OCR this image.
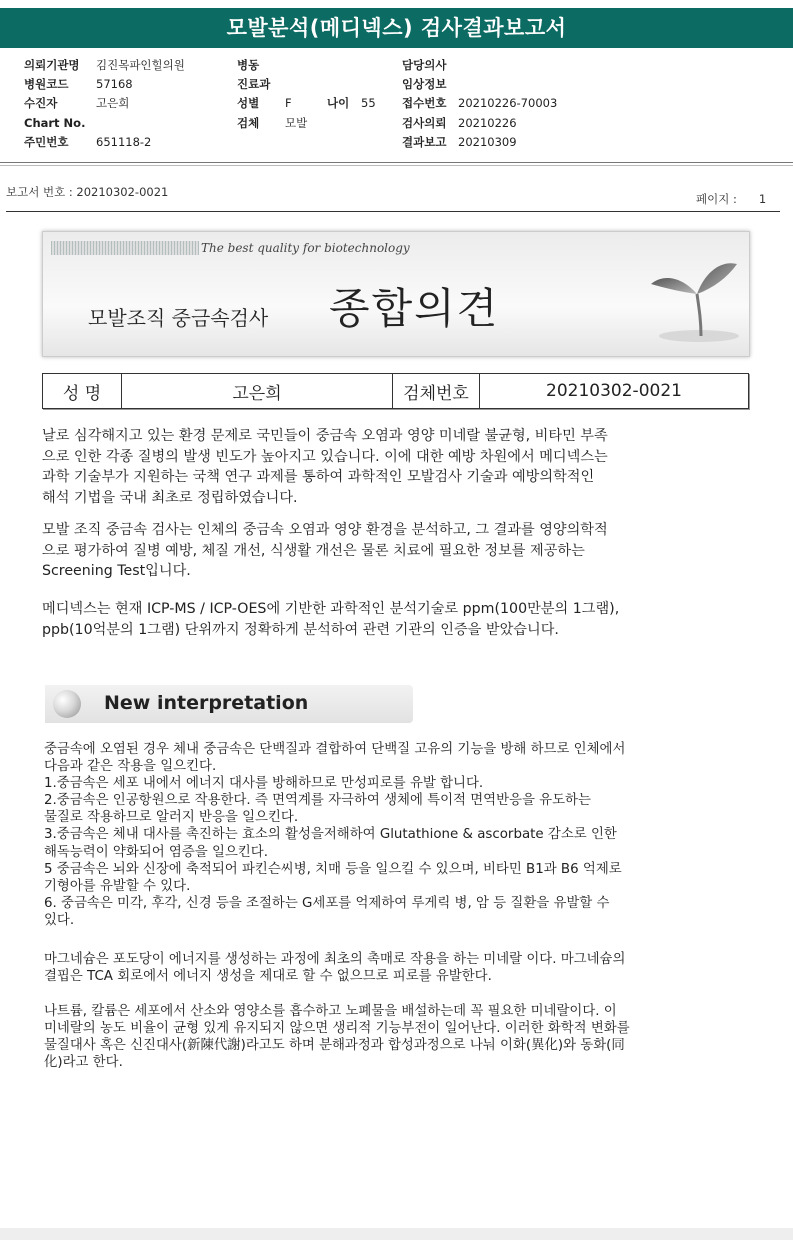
모발분석(메디넥스) 검사결과보고서
의뢰기관명 김진목파인힐의원
병원코드 57168
수진자	고은희
Chart No.
주민번호 651118-2
병동
진료과
성별 F	나이 55
검체 모발
담당의사
임상정보
접수번호 20210226-70003
검사의뢰 20210226
결과보고 20210309
보고서 번호 : 20210302-0021	페이지 : 1
The best quality for biotechnology
모발조직 중금속검사 종합의견
성 명	고은희	검체번호	20210302-0021

날로 심각해지고 있는 환경 문제로 국민들이 중금속 오염과 영양 미네랄 불균형, 비타민 부족

으로 인한 각종 질병의 발생 빈도가 높아지고 있습니다. 이에 대한 예방 차원에서 메디넥스는

과학 기술부가 지원하는 국책 연구 과제를 통하여 과학적인 모발검사 기술과 예방의학적인

해석 기법을 국내 최초로 정립하였습니다.

모발 조직 중금속 검사는 인체의 중금속 오염과 영양 환경을 분석하고, 그 결과를 영양의학적

으로 평가하여 질병 예방, 체질 개선, 식생활 개선은 물론 치료에 필요한 정보를 제공하는

Screening Test입니다.

메디넥스는 현재 ICP-MS / ICP-OES에 기반한 과학적인 분석기술로 ppm(100만분의 1그램),

ppb(10억분의 1그램) 단위까지 정확하게 분석하여 관련 기관의 인증을 받았습니다.

New interpretation

중금속에 오염된 경우 체내 중금속은 단백질과 결합하여 단백질 고유의 기능을 방해 하므로 인체에서

다음과 같은 작용을 일으킨다.

1.중금속은 세포 내에서 에너지 대사를 방해하므로 만성피로를 유발 합니다.

2.중금속은 인공항원으로 작용한다. 즉 면역계를 자극하여 생체에 특이적 면역반응을 유도하는

물질로 작용하므로 알러지 반응을 일으킨다.

3.중금속은 체내 대사를 촉진하는 효소의 활성을저해하여 Glutathione & ascorbate 감소로 인한

해독능력이 약화되어 염증을 일으킨다.

5 중금속은 뇌와 신장에 축적되어 파킨슨씨병, 치매 등을 일으킬 수 있으며, 비타민 B1과 B6 억제로

기형아를 유발할 수 있다.

6. 중금속은 미각, 후각, 신경 등을 조절하는 G세포를 억제하여 루게릭 병, 암 등 질환을 유발할 수

있다.

마그네슘은 포도당이 에너지를 생성하는 과정에 최초의 촉매로 작용을 하는 미네랄 이다. 마그네슘의

결핍은 TCA 회로에서 에너지 생성을 제대로 할 수 없으므로 피로를 유발한다.

나트륨, 칼륨은 세포에서 산소와 영양소를 흡수하고 노폐물을 배설하는데 꼭 필요한 미네랄이다. 이

미네랄의 농도 비율이 균형 있게 유지되지 않으면 생리적 기능부전이 일어난다. 이러한 화학적 변화를

물질대사 혹은 신진대사(新陳代謝)라고도 하며 분해과정과 합성과정으로 나눠 이화(異化)와 동화(同

化)라고 한다.
